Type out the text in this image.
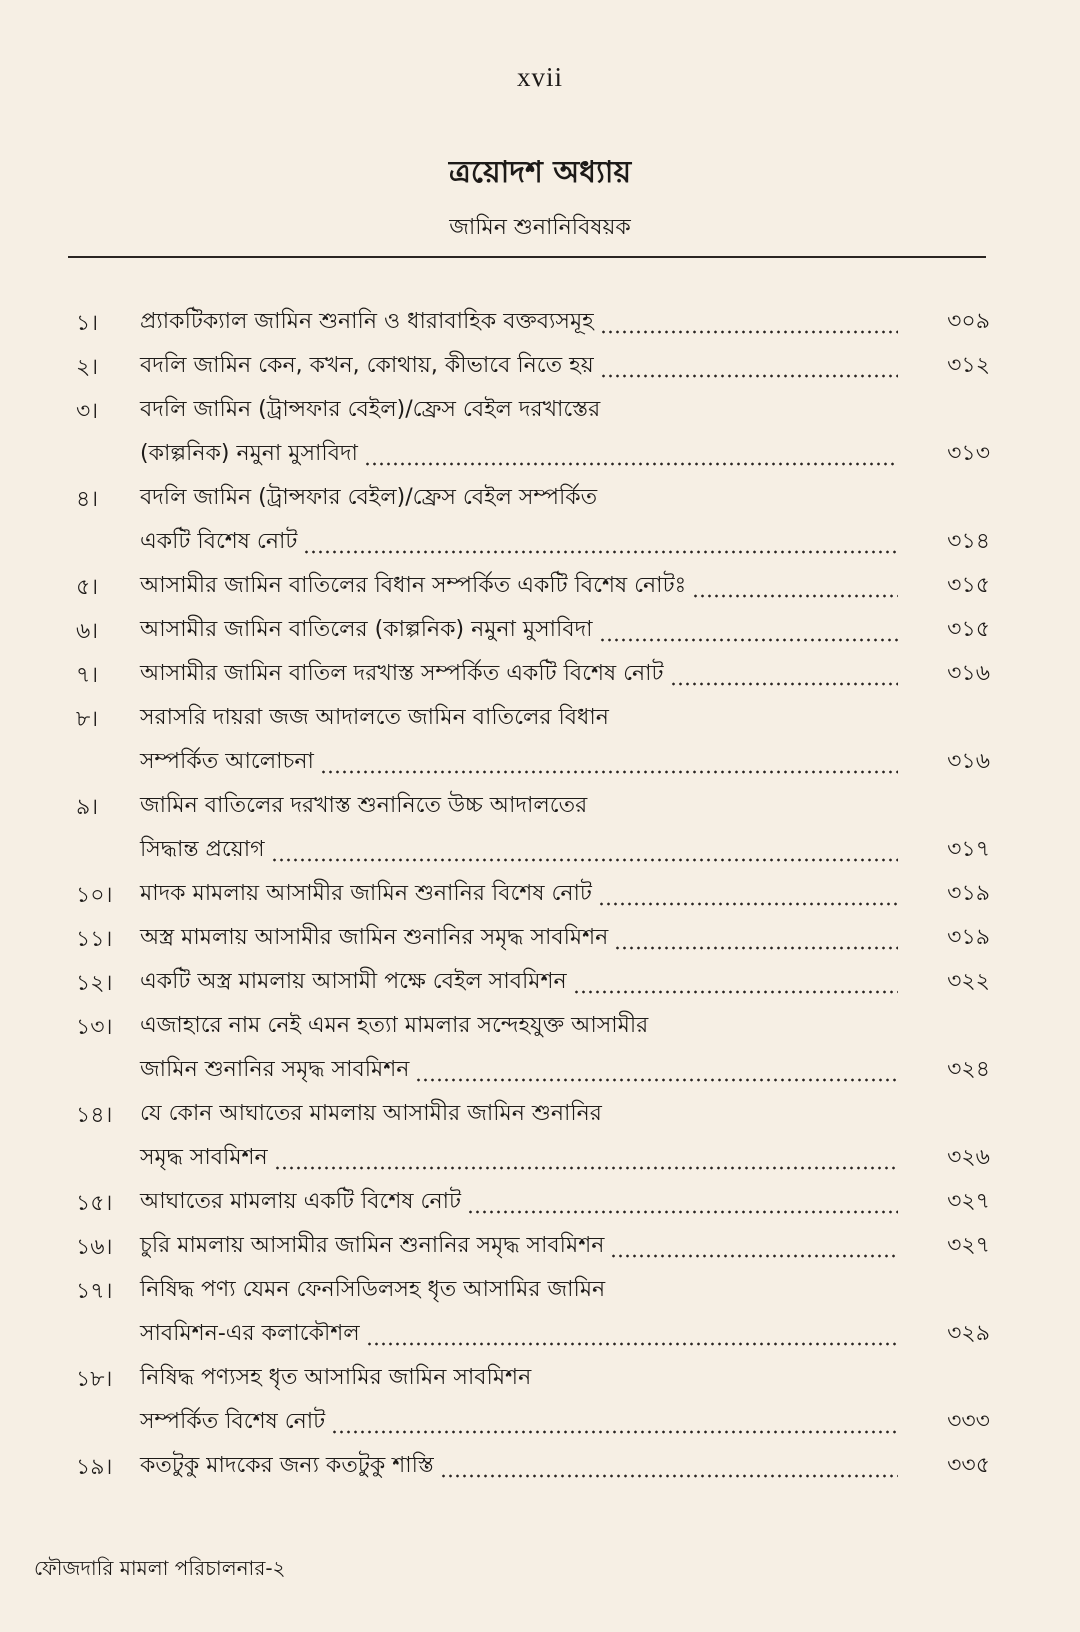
xvii
ত্রয়োদশ অধ্যায়
জামিন শুনানিবিষয়ক
১। প্র্যাকটিক্যাল জামিন শুনানি ও ধারাবাহিক বক্তব্যসমূহ	৩০৯
২। বদলি জামিন কেন, কখন, কোথায়, কীভাবে নিতে হয়	৩১২
৩। বদলি জামিন (ট্রান্সফার বেইল)/ফ্রেস বেইল দরখাস্তের
(কাল্পনিক) নমুনা মুসাবিদা	৩১৩
৪। বদলি জামিন (ট্রান্সফার বেইল)/ফ্রেস বেইল সম্পর্কিত
একটি বিশেষ নোট	৩১৪
৫। আসামীর জামিন বাতিলের বিধান সম্পর্কিত একটি বিশেষ নোটঃ	৩১৫
৬। আসামীর জামিন বাতিলের (কাল্পনিক) নমুনা মুসাবিদা	৩১৫
৭। আসামীর জামিন বাতিল দরখাস্ত সম্পর্কিত একটি বিশেষ নোট	৩১৬
৮। সরাসরি দায়রা জজ আদালতে জামিন বাতিলের বিধান
সম্পর্কিত আলোচনা	৩১৬
৯। জামিন বাতিলের দরখাস্ত শুনানিতে উচ্চ আদালতের
সিদ্ধান্ত প্রয়োগ	৩১৭
১০। মাদক মামলায় আসামীর জামিন শুনানির বিশেষ নোট	৩১৯
১১। অস্ত্র মামলায় আসামীর জামিন শুনানির সমৃদ্ধ সাবমিশন	৩১৯
১২। একটি অস্ত্র মামলায় আসামী পক্ষে বেইল সাবমিশন	৩২২
১৩। এজাহারে নাম নেই এমন হত্যা মামলার সন্দেহযুক্ত আসামীর
জামিন শুনানির সমৃদ্ধ সাবমিশন	৩২৪
১৪। যে কোন আঘাতের মামলায় আসামীর জামিন শুনানির
সমৃদ্ধ সাবমিশন	৩২৬
১৫। আঘাতের মামলায় একটি বিশেষ নোট	৩২৭
১৬। চুরি মামলায় আসামীর জামিন শুনানির সমৃদ্ধ সাবমিশন	৩২৭
১৭। নিষিদ্ধ পণ্য যেমন ফেনসিডিলসহ ধৃত আসামির জামিন
সাবমিশন-এর কলাকৌশল	৩২৯
১৮। নিষিদ্ধ পণ্যসহ ধৃত আসামির জামিন সাবমিশন
সম্পর্কিত বিশেষ নোট	৩৩৩
১৯। কতটুকু মাদকের জন্য কতটুকু শাস্তি	৩৩৫
ফৌজদারি মামলা পরিচালনার-২
